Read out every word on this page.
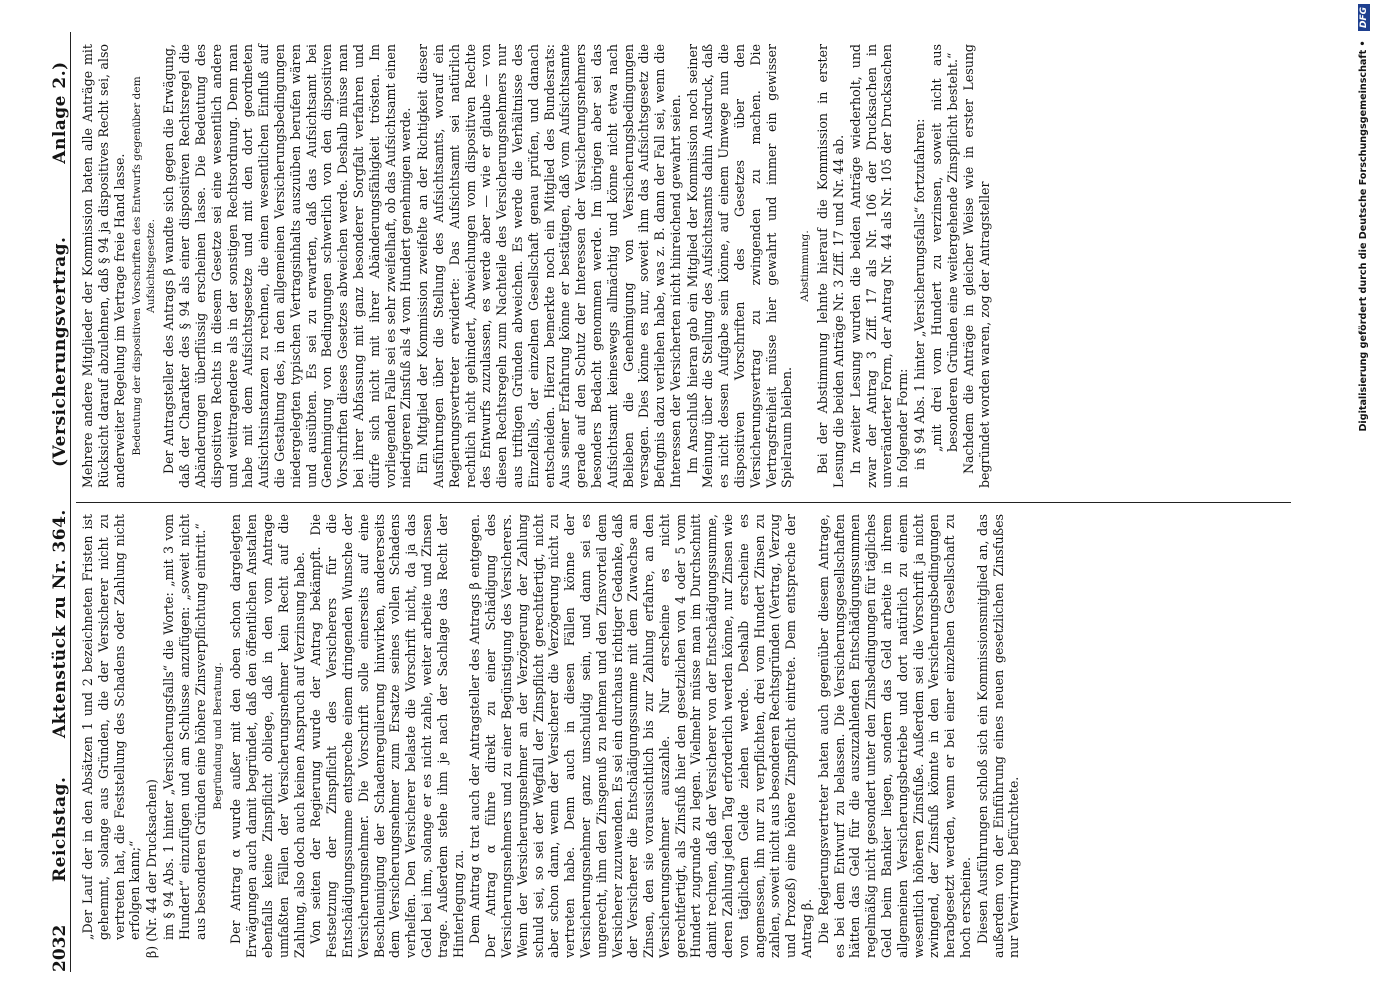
2032
Reichstag.      Aktenstück zu Nr. 364.
(Versicherungsvertrag.  Anlage 2.)

„Der Lauf der in den Absätzen 1 und 2 bezeichneten Fristen ist gehemmt, solange aus Gründen, die der Versicherer nicht zu vertreten hat, die Feststellung des Schadens oder Zahlung nicht erfolgen kann;“ β) (Nr. 44 der Drucksachen) im § 94 Abs. 1 hinter „Versicherungsfalls“ die Worte: „mit 3 vom Hundert“ einzufügen und am Schlusse anzufügen: „soweit nicht aus besonderen Gründen eine höhere Zinsverpflichtung eintritt.“ Begründung und Beratung. Der Antrag α wurde außer mit den oben schon dargelegten Erwägungen auch damit begründet, daß den öffentlichen Anstalten ebenfalls keine Zinspflicht obliege, daß in den vom Antrage umfaßten Fällen der Versicherungsnehmer kein Recht auf die Zahlung, also doch auch keinen Anspruch auf Verzinsung habe. Von seiten der Regierung wurde der Antrag bekämpft. Die Festsetzung der Zinspflicht des Versicherers für die Entschädigungssumme entspreche einem dringenden Wunsche der Versicherungsnehmer. Die Vorschrift solle einerseits auf eine Beschleunigung der Schadenregulierung hinwirken, andererseits dem Versicherungsnehmer zum Ersatze seines vollen Schadens verhelfen. Den Versicherer belaste die Vorschrift nicht, da ja das Geld bei ihm, solange er es nicht zahle, weiter arbeite und Zinsen trage. Außerdem stehe ihm je nach der Sachlage das Recht der Hinterlegung zu. Dem Antrag α trat auch der Antragsteller des Antrags β entgegen. Der Antrag α führe direkt zu einer Schädigung des Versicherungsnehmers und zu einer Begünstigung des Versicherers. Wenn der Versicherungsnehmer an der Verzögerung der Zahlung schuld sei, so sei der Wegfall der Zinspflicht gerechtfertigt, nicht aber schon dann, wenn der Versicherer die Verzögerung nicht zu vertreten habe. Denn auch in diesen Fällen könne der Versicherungsnehmer ganz unschuldig sein, und dann sei es ungerecht, ihm den Zinsgenuß zu nehmen und den Zinsvorteil dem Versicherer zuzuwenden. Es sei ein durchaus richtiger Gedanke, daß der Versicherer die Entschädigungssumme mit dem Zuwachse an Zinsen, den sie voraussichtlich bis zur Zahlung erfahre, an den Versicherungsnehmer auszahle. Nur erscheine es nicht gerechtfertigt, als Zinsfuß hier den gesetzlichen von 4 oder 5 vom Hundert zugrunde zu legen. Vielmehr müsse man im Durchschnitt damit rechnen, daß der Versicherer von der Entschädigungssumme, deren Zahlung jeden Tag erforderlich werden könne, nur Zinsen wie von täglichem Gelde ziehen werde. Deshalb erscheine es angemessen, ihn nur zu verpflichten, drei vom Hundert Zinsen zu zahlen, soweit nicht aus besonderen Rechtsgründen (Vertrag, Verzug und Prozeß) eine höhere Zinspflicht eintrete. Dem entspreche der Antrag β. Die Regierungsvertreter baten auch gegenüber diesem Antrage, es bei dem Entwurf zu belassen. Die Versicherungsgesellschaften hätten das Geld für die auszuzahlenden Entschädigungssummen regelmäßig nicht gesondert unter den Zinsbedingungen für tägliches Geld beim Bankier liegen, sondern das Geld arbeite in ihrem allgemeinen Versicherungsbetriebe und dort natürlich zu einem wesentlich höheren Zinsfuße. Außerdem sei die Vorschrift ja nicht zwingend, der Zinsfuß könnte in den Versicherungsbedingungen herabgesetzt werden, wenn er bei einer einzelnen Gesellschaft zu hoch erscheine. Diesen Ausführungen schloß sich ein Kommissionsmitglied an, das außerdem von der Einführung eines neuen gesetzlichen Zinsfußes nur Verwirrung befürchtete.

Mehrere andere Mitglieder der Kommission baten alle Anträge mit Rücksicht darauf abzulehnen, daß § 94 ja dispositives Recht sei, also anderweiter Regelung im Vertrage freie Hand lasse. Bedeutung der dispositiven Vorschriften des Entwurfs gegenüber dem Aufsichtsgesetze. Der Antragsteller des Antrags β wandte sich gegen die Erwägung, daß der Charakter des § 94 als einer dispositiven Rechtsregel die Abänderungen überflüssig erscheinen lasse. Die Bedeutung des dispositiven Rechts in diesem Gesetze sei eine wesentlich andere und weittragendere als in der sonstigen Rechtsordnung. Denn man habe mit dem Aufsichtsgesetze und mit den dort geordneten Aufsichtsinstanzen zu rechnen, die einen wesentlichen Einfluß auf die Gestaltung des, in den allgemeinen Versicherungsbedingungen niedergelegten typischen Vertragsinhalts auszuüben berufen wären und ausübten. Es sei zu erwarten, daß das Aufsichtsamt bei Genehmigung von Bedingungen schwerlich von den dispositiven Vorschriften dieses Gesetzes abweichen werde. Deshalb müsse man bei ihrer Abfassung mit ganz besonderer Sorgfalt verfahren und dürfe sich nicht mit ihrer Abänderungsfähigkeit trösten. Im vorliegenden Falle sei es sehr zweifelhaft, ob das Aufsichtsamt einen niedrigeren Zinsfuß als 4 vom Hundert genehmigen werde. Ein Mitglied der Kommission zweifelte an der Richtigkeit dieser Ausführungen über die Stellung des Aufsichtsamts, worauf ein Regierungsvertreter erwiderte: Das Aufsichtsamt sei natürlich rechtlich nicht gehindert, Abweichungen vom dispositiven Rechte des Entwurfs zuzulassen, es werde aber — wie er glaube — von diesen Rechtsregeln zum Nachteile des Versicherungsnehmers nur aus triftigen Gründen abweichen. Es werde die Verhältnisse des Einzelfalls, der einzelnen Gesellschaft genau prüfen, und danach entscheiden. Hierzu bemerkte noch ein Mitglied des Bundesrats: Aus seiner Erfahrung könne er bestätigen, daß vom Aufsichtsamte gerade auf den Schutz der Interessen der Versicherungsnehmers besonders Bedacht genommen werde. Im übrigen aber sei das Aufsichtsamt keineswegs allmächtig und könne nicht etwa nach Belieben die Genehmigung von Versicherungsbedingungen versagen. Dies könne es nur, soweit ihm das Aufsichtsgesetz die Befugnis dazu verliehen habe, was z. B. dann der Fall sei, wenn die Interessen der Versicherten nicht hinreichend gewahrt seien. Im Anschluß hieran gab ein Mitglied der Kommission noch seiner Meinung über die Stellung des Aufsichtsamts dahin Ausdruck, daß es nicht dessen Aufgabe sein könne, auf einem Umwege nun die dispositiven Vorschriften des Gesetzes über den Versicherungsvertrag zu zwingenden zu machen. Die Vertragsfreiheit müsse hier gewahrt und immer ein gewisser Spielraum bleiben.

Abstimmung. Bei der Abstimmung lehnte hierauf die Kommission in erster Lesung die beiden Anträge Nr. 3 Ziff. 17 und Nr. 44 ab. In zweiter Lesung wurden die beiden Anträge wiederholt, und zwar der Antrag 3 Ziff. 17 als Nr. 106 der Drucksachen in unveränderter Form, der Antrag Nr. 44 als Nr. 105 der Drucksachen in folgender Form: in § 94 Abs. 1 hinter „Versicherungsfalls“ fortzufahren: „mit drei vom Hundert zu verzinsen, soweit nicht aus besonderen Gründen eine weitergehende Zinspflicht besteht.“ Nachdem die Anträge in gleicher Weise wie in erster Lesung begründet worden waren, zog der Antragsteller	Digitalisierung gefördert durch die Deutsche Forschungsgemeinschaft • DFG
